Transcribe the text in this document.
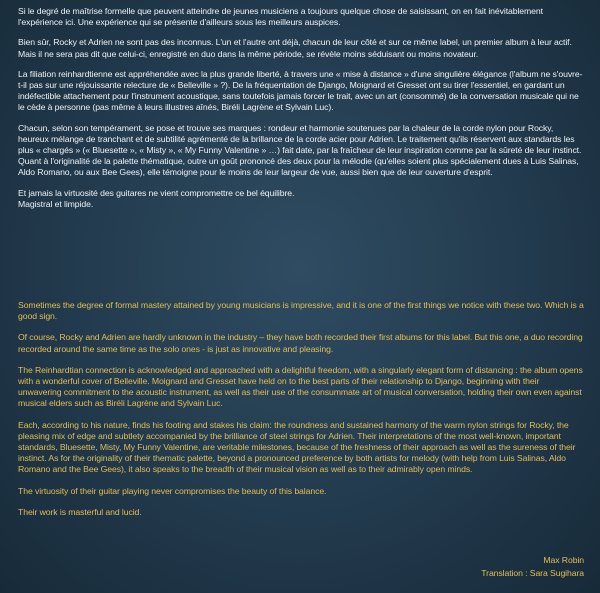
Si le degré de maîtrise formelle que peuvent atteindre de jeunes musiciens a toujours quelque chose de saisissant, on en fait inévitablement l'expérience ici. Une expérience qui se présente d'ailleurs sous les meilleurs auspices.

Bien sûr, Rocky et Adrien ne sont pas des inconnus. L'un et l'autre ont déjà, chacun de leur côté et sur ce même label, un premier album à leur actif. Mais il ne sera pas dit que celui-ci, enregistré en duo dans la même période, se révèle moins séduisant ou moins novateur.

La filiation reinhardtienne est appréhendée avec la plus grande liberté, à travers une « mise à distance » d'une singulière élégance (l'album ne s'ouvre-t-il pas sur une réjouissante relecture de « Belleville » ?). De la fréquentation de Django, Moignard et Gresset ont su tirer l'essentiel, en gardant un indéfectible attachement pour l'instrument acoustique, sans toutefois jamais forcer le trait, avec un art (consommé) de la conversation musicale qui ne le cède à personne (pas même à leurs illustres aînés, Biréli Lagrène et Sylvain Luc).

Chacun, selon son tempérament, se pose et trouve ses marques : rondeur et harmonie soutenues par la chaleur de la corde nylon pour Rocky, heureux mélange de tranchant et de subtilité agrémenté de la brillance de la corde acier pour Adrien. Le traitement qu'ils réservent aux standards les plus « chargés » (« Bluesette », « Misty », « My Funny Valentine » …) fait date, par la fraîcheur de leur inspiration comme par la sûreté de leur instinct. Quant à l'originalité de la palette thématique, outre un goût prononcé des deux pour la mélodie (qu'elles soient plus spécialement dues à Luis Salinas, Aldo Romano, ou aux Bee Gees), elle témoigne pour le moins de leur largeur de vue, aussi bien que de leur ouverture d'esprit.

Et jamais la virtuosité des guitares ne vient compromettre ce bel équilibre.

Magistral et limpide.

Sometimes the degree of formal mastery attained by young musicians is impressive, and it is one of the first things we notice with these two. Which is a good sign.

Of course, Rocky and Adrien are hardly unknown in the industry – they have both recorded their first albums for this label. But this one, a duo recording recorded around the same time as the solo ones - is just as innovative and pleasing.

The Reinhardtian connection is acknowledged and approached with a delightful freedom, with a singularly elegant form of distancing : the album opens with a wonderful cover of Belleville. Moignard and Gresset have held on to the best parts of their relationship to Django, beginning with their unwavering commitment to the acoustic instrument, as well as their use of the consummate art of musical conversation, holding their own even against musical elders such as Biréli Lagrène and Sylvain Luc.

Each, according to his nature, finds his footing and stakes his claim: the roundness and sustained harmony of the warm nylon strings for Rocky, the pleasing mix of edge and subtlety accompanied by the brilliance of steel strings for Adrien. Their interpretations of the most well-known, important standards, Bluesette, Misty, My Funny Valentine, are veritable milestones, because of the freshness of their approach as well as the sureness of their instinct. As for the originality of their thematic palette, beyond a pronounced preference by both artists for melody (with help from Luis Salinas, Aldo Romano and the Bee Gees), it also speaks to the breadth of their musical vision as well as to their admirably open minds.

The virtuosity of their guitar playing never compromises the beauty of this balance.

Their work is masterful and lucid.

Max Robin
Translation : Sara Sugihara
